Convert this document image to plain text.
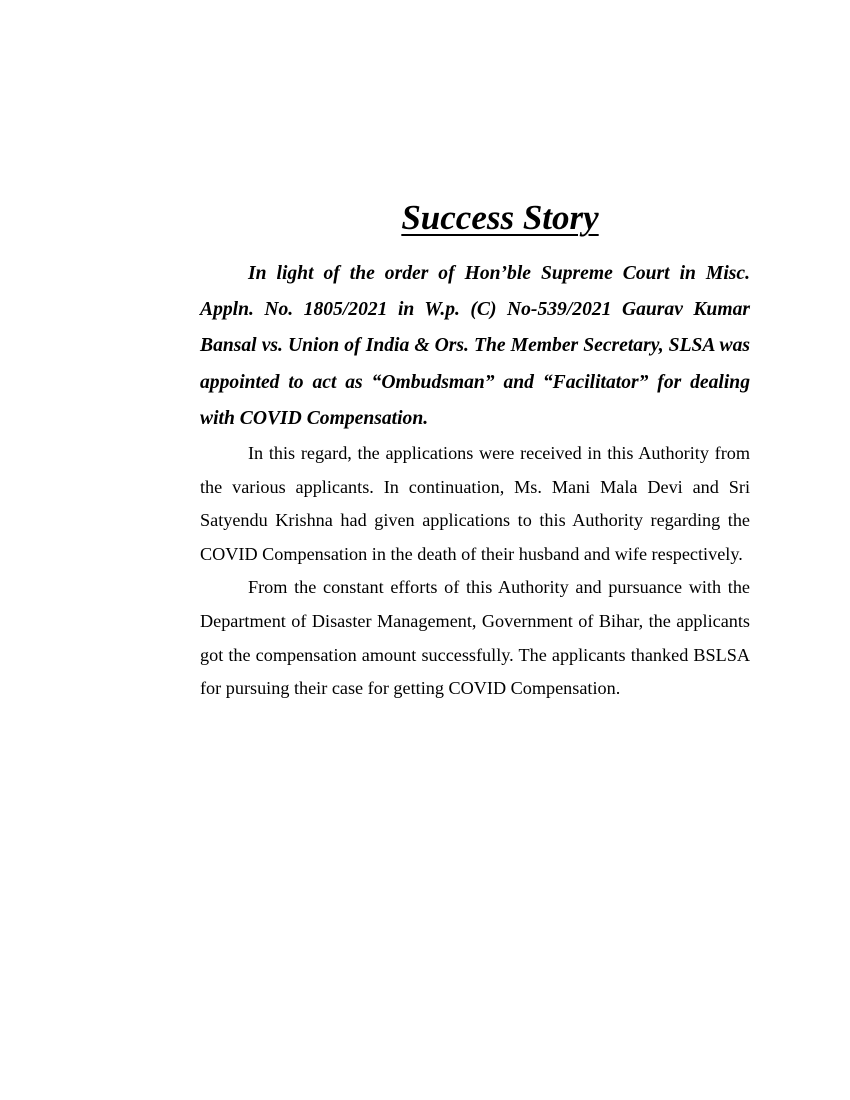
Success Story

In light of the order of Hon’ble Supreme Court in Misc. Appln. No. 1805/2021 in W.p. (C) No-539/2021 Gaurav Kumar Bansal vs. Union of India & Ors. The Member Secretary, SLSA was appointed to act as “Ombudsman” and “Facilitator” for dealing with COVID Compensation.

In this regard, the applications were received in this Authority from the various applicants. In continuation, Ms. Mani Mala Devi and Sri Satyendu Krishna had given applications to this Authority regarding the COVID Compensation in the death of their husband and wife respectively.

From the constant efforts of this Authority and pursuance with the Department of Disaster Management, Government of Bihar, the applicants got the compensation amount successfully. The applicants thanked BSLSA for pursuing their case for getting COVID Compensation.
